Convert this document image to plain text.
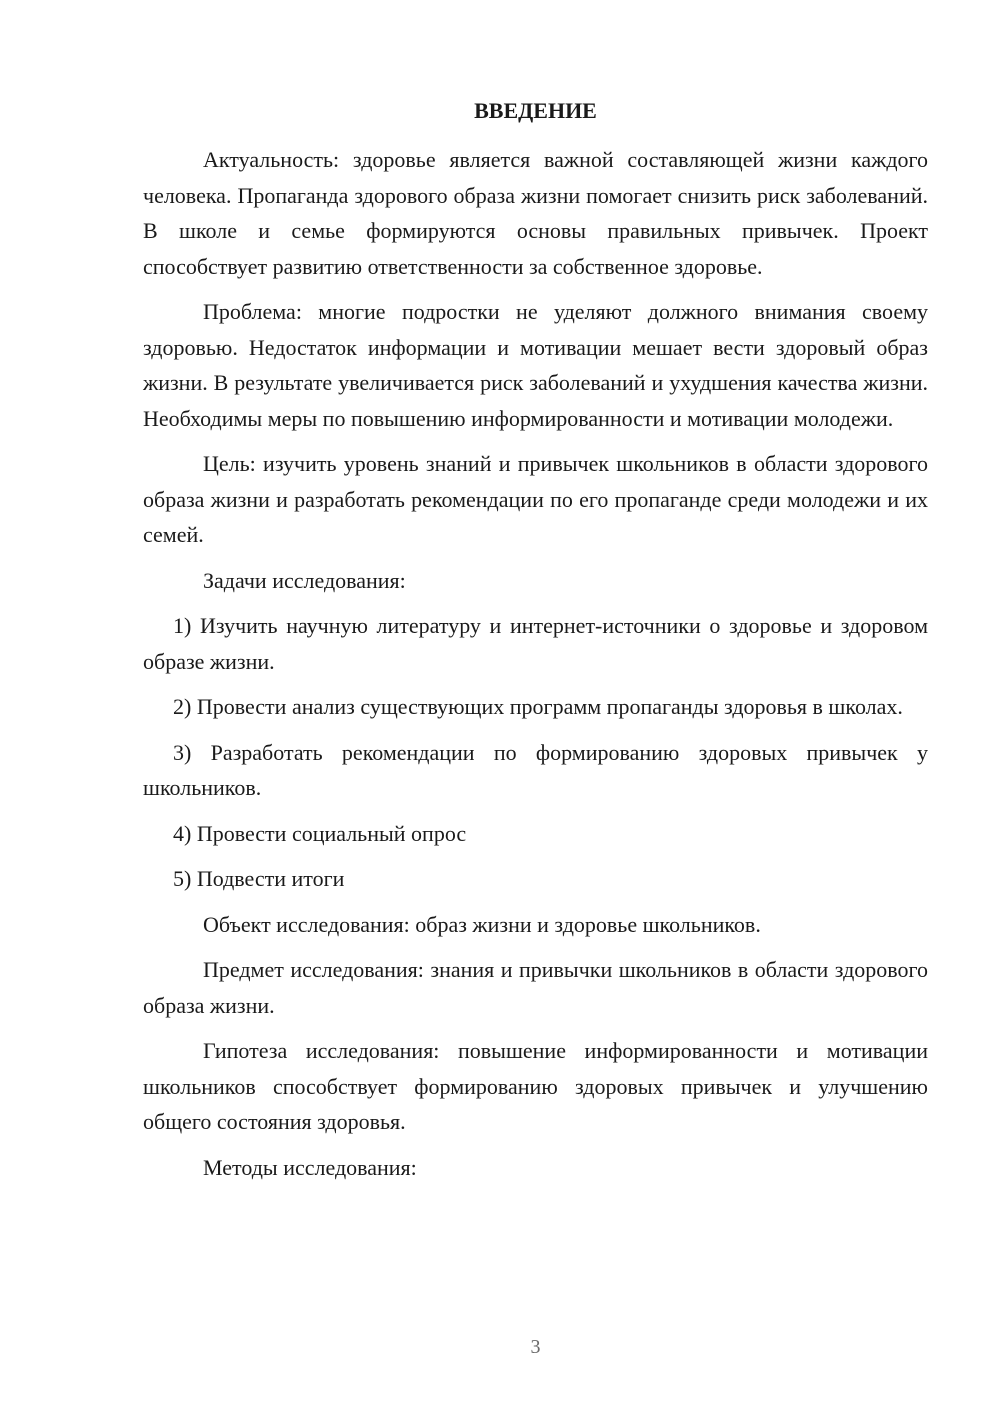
ВВЕДЕНИЕ

Актуальность: здоровье является важной составляющей жизни каждого человека. Пропаганда здорового образа жизни помогает снизить риск заболеваний. В школе и семье формируются основы правильных привычек. Проект способствует развитию ответственности за собственное здоровье.

Проблема: многие подростки не уделяют должного внимания своему здоровью. Недостаток информации и мотивации мешает вести здоровый образ жизни. В результате увеличивается риск заболеваний и ухудшения качества жизни. Необходимы меры по повышению информированности и мотивации молодежи.

Цель: изучить уровень знаний и привычек школьников в области здорового образа жизни и разработать рекомендации по его пропаганде среди молодежи и их семей.

Задачи исследования:

1) Изучить научную литературу и интернет-источники о здоровье и здоровом образе жизни.

2) Провести анализ существующих программ пропаганды здоровья в школах.

3) Разработать рекомендации по формированию здоровых привычек у школьников.

4) Провести социальный опрос

5) Подвести итоги

Объект исследования: образ жизни и здоровье школьников.

Предмет исследования: знания и привычки школьников в области здорового образа жизни.

Гипотеза исследования: повышение информированности и мотивации школьников способствует формированию здоровых привычек и улучшению общего состояния здоровья.

Методы исследования:

3
